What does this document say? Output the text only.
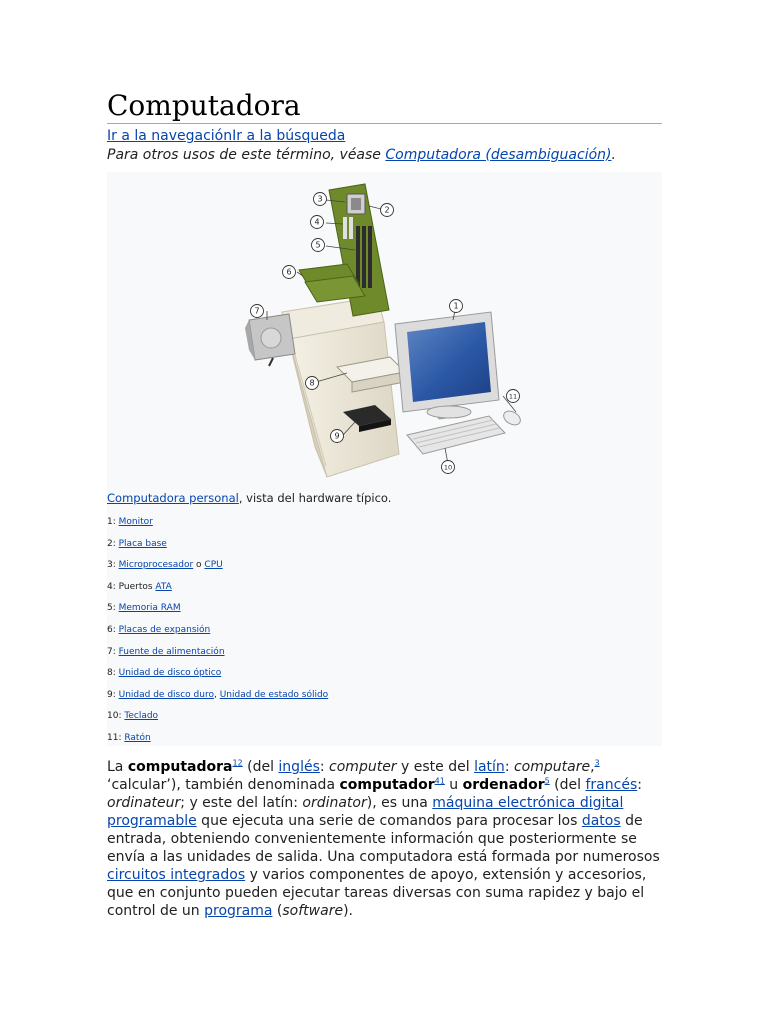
Computadora
Ir a la navegaciónIr a la búsqueda
Para otros usos de este término, véase Computadora (desambiguación).
1
2
3
4
5
6
7
8
9
10
11
Computadora personal, vista del hardware típico.
1: Monitor
2: Placa base
3: Microprocesador o CPU
4: Puertos ATA
5: Memoria RAM
6: Placas de expansión
7: Fuente de alimentación
8: Unidad de disco óptico
9: Unidad de disco duro, Unidad de estado sólido
10: Teclado
11: Ratón

La computadora$^{12}$ (del inglés: computer y este del latín: computare,$^3$ ‘calcular’), también denominada computador$^{41}$ u ordenador$^5$ (del francés: ordinateur; y este del latín: ordinator), es una máquina electrónica digital programable que ejecuta una serie de comandos para procesar los datos de entrada, obteniendo convenientemente información que posteriormente se envía a las unidades de salida. Una computadora está formada por numerosos circuitos integrados y varios componentes de apoyo, extensión y accesorios, que en conjunto pueden ejecutar tareas diversas con suma rapidez y bajo el control de un programa (software).
